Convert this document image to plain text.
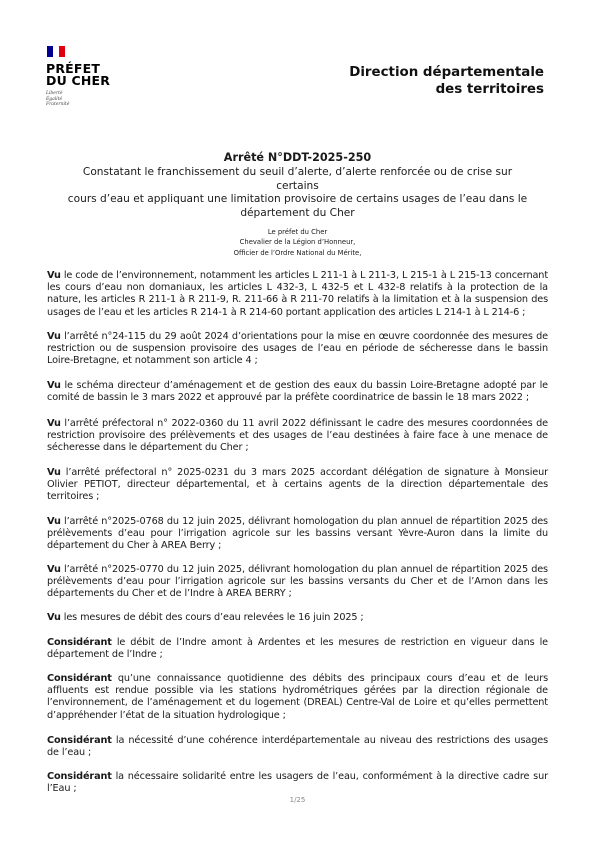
PRÉFET
DU CHER
Liberté
Égalité
Fraternité
Direction départementale
des territoires
Arrêté N°DDT-2025-250
Constatant le franchissement du seuil d’alerte, d’alerte renforcée ou de crise sur certains
cours d’eau et appliquant une limitation provisoire de certains usages de l’eau dans le
département du Cher
Le préfet du Cher
Chevalier de la Légion d’Honneur,
Officier de l’Ordre National du Mérite,
Vu le code de l’environnement, notamment les articles L 211-1 à L 211-3, L 215-1 à L 215-13 concernant les cours d’eau non domaniaux, les articles L 432-3, L 432-5 et L 432-8 relatifs à la protection de la nature, les articles R 211-1 à R 211-9, R. 211-66 à R 211-70 relatifs à la limitation et à la suspension des usages de l’eau et les articles R 214-1 à R 214-60 portant application des articles L 214-1 à L 214-6 ;
Vu l’arrêté n°24-115 du 29 août 2024 d’orientations pour la mise en œuvre coordonnée des mesures de restriction ou de suspension provisoire des usages de l’eau en période de sécheresse dans le bassin Loire-Bretagne, et notamment son article 4 ;
Vu le schéma directeur d’aménagement et de gestion des eaux du bassin Loire-Bretagne adopté par le comité de bassin le 3 mars 2022 et approuvé par la préfète coordinatrice de bassin le 18 mars 2022 ;
Vu l’arrêté préfectoral n° 2022-0360 du 11 avril 2022 définissant le cadre des mesures coordonnées de restriction provisoire des prélèvements et des usages de l’eau destinées à faire face à une menace de sécheresse dans le département du Cher ;
Vu l’arrêté préfectoral n° 2025-0231 du 3 mars 2025 accordant délégation de signature à Monsieur Olivier PETIOT, directeur départemental, et à certains agents de la direction départementale des territoires ;
Vu l’arrêté n°2025-0768 du 12 juin 2025, délivrant homologation du plan annuel de répartition 2025 des prélèvements d’eau pour l’irrigation agricole sur les bassins versant Yèvre-Auron dans la limite du département du Cher à AREA Berry ;
Vu l’arrêté n°2025-0770 du 12 juin 2025, délivrant homologation du plan annuel de répartition 2025 des prélèvements d’eau pour l’irrigation agricole sur les bassins versants du Cher et de l’Arnon dans les départements du Cher et de l’Indre à AREA BERRY ;
Vu les mesures de débit des cours d’eau relevées le 16 juin 2025 ;
Considérant le débit de l’Indre amont à Ardentes et les mesures de restriction en vigueur dans le département de l’Indre ;
Considérant qu’une connaissance quotidienne des débits des principaux cours d’eau et de leurs affluents est rendue possible via les stations hydrométriques gérées par la direction régionale de l’environnement, de l’aménagement et du logement (DREAL) Centre-Val de Loire et qu’elles permettent d’appréhender l’état de la situation hydrologique ;
Considérant la nécessité d’une cohérence interdépartementale au niveau des restrictions des usages de l’eau ;
Considérant la nécessaire solidarité entre les usagers de l’eau, conformément à la directive cadre sur l’Eau ;
1/25
